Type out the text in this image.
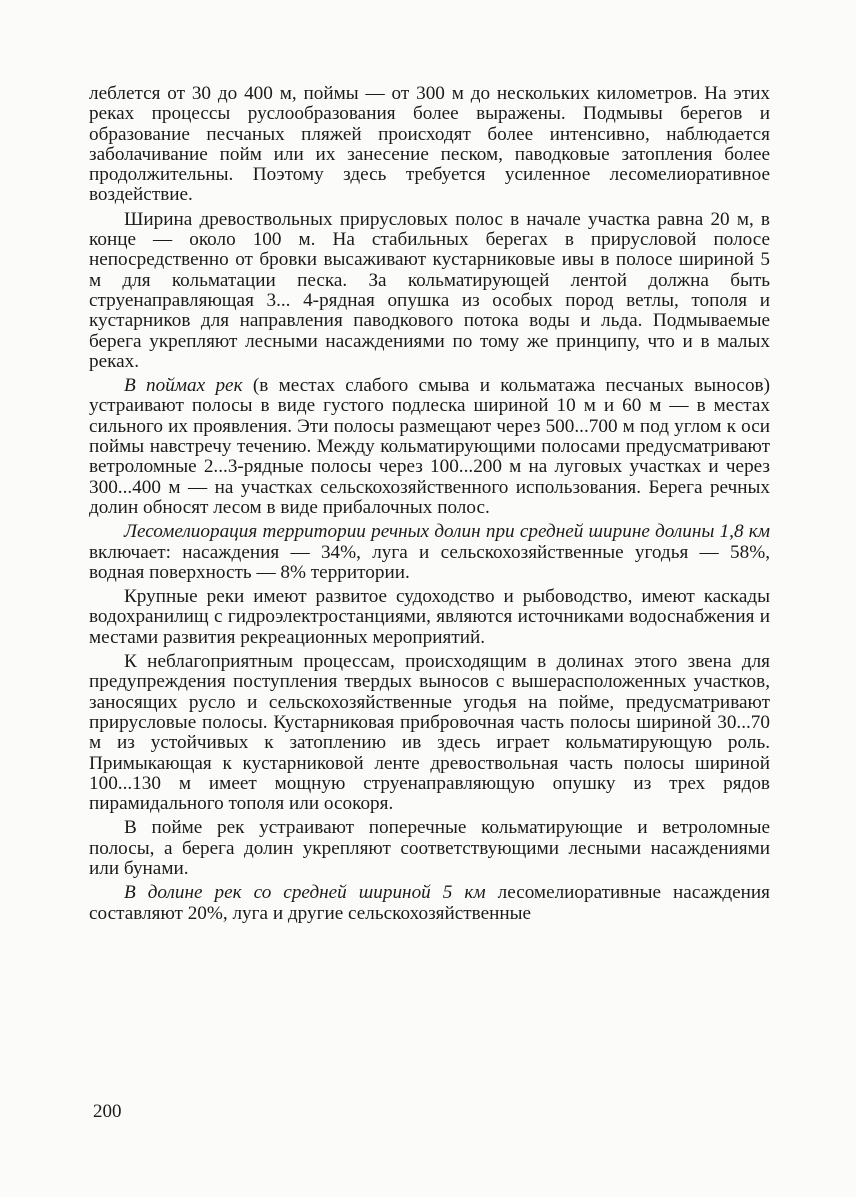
леблется от 30 до 400 м, поймы — от 300 м до нескольких километров. На этих реках процессы руслообразования более выражены. Подмывы берегов и образование песчаных пляжей происходят более интенсивно, наблюдается заболачивание пойм или их занесение песком, паводковые затопления более продолжительны. Поэтому здесь требуется усиленное лесомелиоративное воздействие.

Ширина древоствольных прирусловых полос в начале участка равна 20 м, в конце — около 100 м. На стабильных берегах в прирусловой полосе непосредственно от бровки высаживают кустарниковые ивы в полосе шириной 5 м для кольматации песка. За кольматирующей лентой должна быть струенаправляющая 3... 4-рядная опушка из особых пород ветлы, тополя и кустарников для направления паводкового потока воды и льда. Подмываемые берега укрепляют лесными насаждениями по тому же принципу, что и в малых реках.

В поймах рек (в местах слабого смыва и кольматажа песчаных выносов) устраивают полосы в виде густого подлеска шириной 10 м и 60 м — в местах сильного их проявления. Эти полосы размещают через 500...700 м под углом к оси поймы навстречу течению. Между кольматирующими полосами предусматривают ветроломные 2...3-рядные полосы через 100...200 м на луговых участках и через 300...400 м — на участках сельскохозяйственного использования. Берега речных долин обносят лесом в виде прибалочных полос.

Лесомелиорация территории речных долин при средней ширине долины 1,8 км включает: насаждения — 34%, луга и сельскохозяйственные угодья — 58%, водная поверхность — 8% территории.

Крупные реки имеют развитое судоходство и рыбоводство, имеют каскады водохранилищ с гидроэлектростанциями, являются источниками водоснабжения и местами развития рекреационных мероприятий.

К неблагоприятным процессам, происходящим в долинах этого звена для предупреждения поступления твердых выносов с вышерасположенных участков, заносящих русло и сельскохозяйственные угодья на пойме, предусматривают прирусловые полосы. Кустарниковая прибровочная часть полосы шириной 30...70 м из устойчивых к затоплению ив здесь играет кольматирующую роль. Примыкающая к кустарниковой ленте древоствольная часть полосы шириной 100...130 м имеет мощную струенаправляющую опушку из трех рядов пирамидального тополя или осокоря.

В пойме рек устраивают поперечные кольматирующие и ветроломные полосы, а берега долин укрепляют соответствующими лесными насаждениями или бунами.

В долине рек со средней шириной 5 км лесомелиоративные насаждения составляют 20%, луга и другие сельскохозяйственные

200
